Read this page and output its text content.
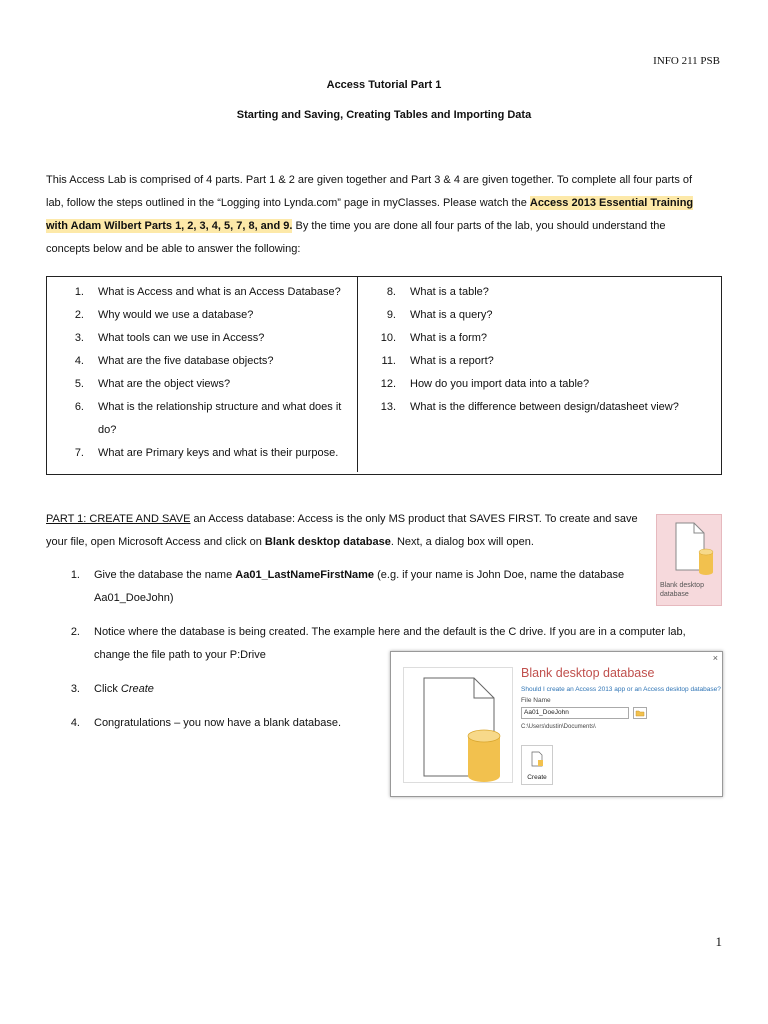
INFO 211 PSB
Access Tutorial Part 1
Starting and Saving, Creating Tables and Importing Data
This Access Lab is comprised of 4 parts. Part 1 & 2 are given together and Part 3 & 4 are given together. To complete all four parts of
lab, follow the steps outlined in the “Logging into Lynda.com” page in myClasses. Please watch the Access 2013 Essential Training
with Adam Wilbert Parts 1, 2, 3, 4, 5, 7, 8, and 9. By the time you are done all four parts of the lab, you should understand the
concepts below and be able to answer the following:
1.	What is Access and what is an Access Database?
2.	Why would we use a database?
3.	What tools can we use in Access?
4.	What are the five database objects?
5.	What are the object views?
6.	What is the relationship structure and what does it do?
7.	What are Primary keys and what is their purpose.
8.	What is a table?
9.	What is a query?
10.	What is a form?
11.	What is a report?
12.	How do you import data into a table?
13.	What is the difference between design/datasheet view?
PART 1: CREATE AND SAVE an Access database: Access is the only MS product that SAVES FIRST. To create and save
your file, open Microsoft Access and click on Blank desktop database. Next, a dialog box will open.
1.	Give the database the name Aa01_LastNameFirstName (e.g. if your name is John Doe, name the database Aa01_DoeJohn)
2.	Notice where the database is being created. The example here and the default is the C drive. If you are in a computer lab, change the file path to your P:Drive
3.	Click Create
4.	Congratulations – you now have a blank database.
Blank desktop database
×
Blank desktop database
Should I create an Access 2013 app or an Access desktop database?
File Name
Aa01_DoeJohn
C:\Users\dustin\Documents\
Create
1
